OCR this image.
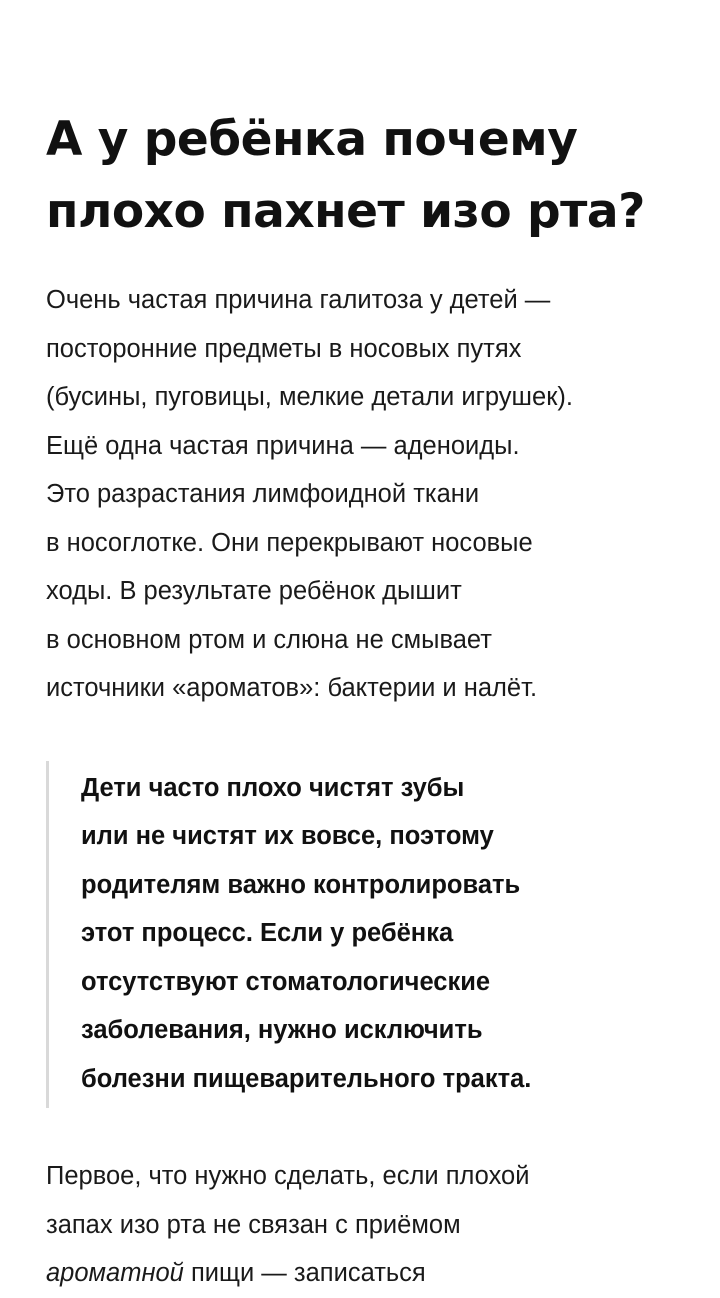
А у ребёнка почему
плохо пахнет изо рта?

Очень частая причина галитоза у детей —
посторонние предметы в носовых путях
(бусины, пуговицы, мелкие детали игрушек).
Ещё одна частая причина — аденоиды.
Это разрастания лимфоидной ткани
в носоглотке. Они перекрывают носовые
ходы. В результате ребёнок дышит
в основном ртом и слюна не смывает
источники «ароматов»: бактерии и налёт.

Дети часто плохо чистят зубы
или не чистят их вовсе, поэтому
родителям важно контролировать
этот процесс. Если у ребёнка
отсутствуют стоматологические
заболевания, нужно исключить
болезни пищеварительного тракта.

Первое, что нужно сделать, если плохой
запах изо рта не связан с приёмом
ароматной пищи — записаться
